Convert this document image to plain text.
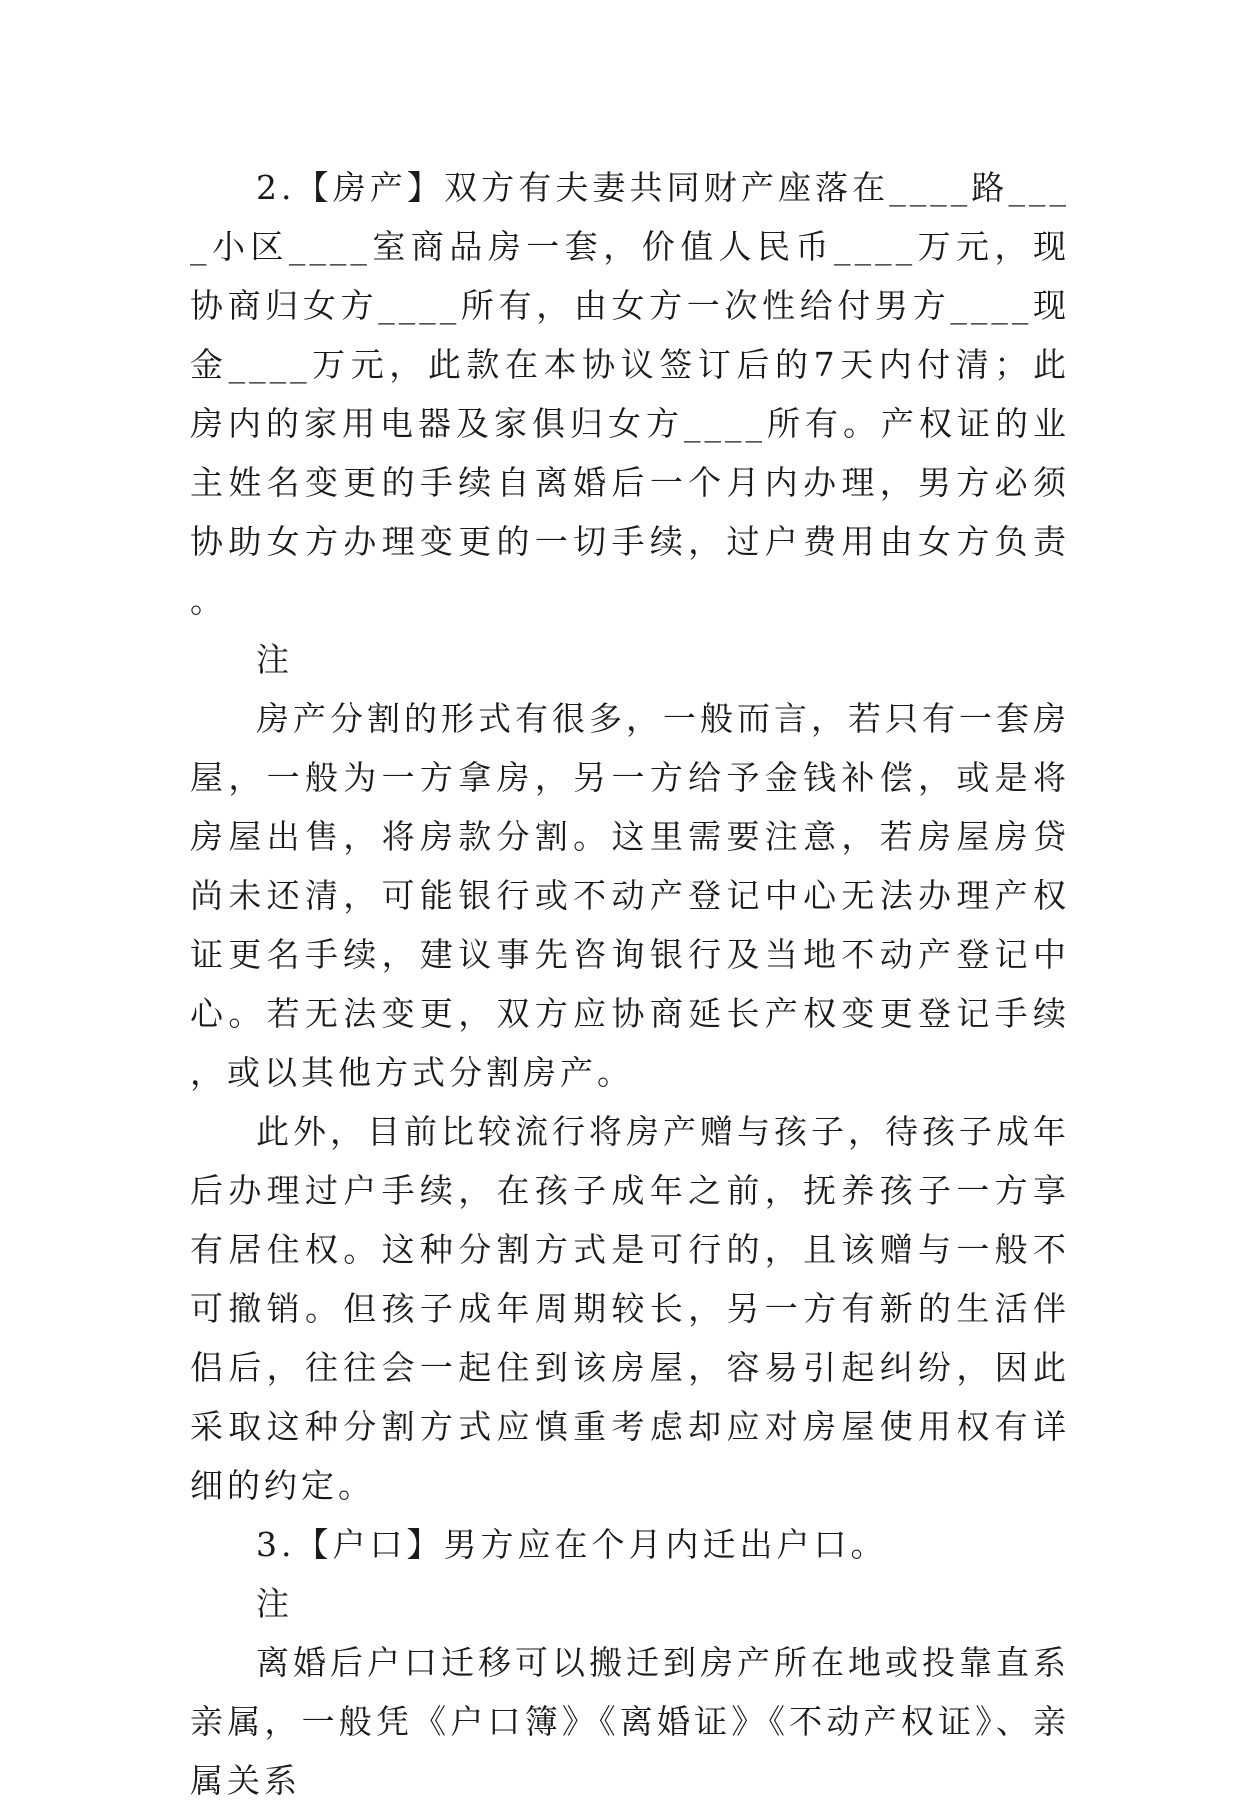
2.【房产】双方有夫妻共同财产座落在____路____小区____室商品房一套，价值人民币____万元，现协商归女方____所有，由女方一次性给付男方____现金____万元，此款在本协议签订后的7天内付清；此房内的家用电器及家俱归女方____所有。产权证的业主姓名变更的手续自离婚后一个月内办理，男方必须协助女方办理变更的一切手续，过户费用由女方负责。

注

房产分割的形式有很多，一般而言，若只有一套房屋，一般为一方拿房，另一方给予金钱补偿，或是将房屋出售，将房款分割。这里需要注意，若房屋房贷尚未还清，可能银行或不动产登记中心无法办理产权证更名手续，建议事先咨询银行及当地不动产登记中心。若无法变更，双方应协商延长产权变更登记手续，或以其他方式分割房产。

此外，目前比较流行将房产赠与孩子，待孩子成年后办理过户手续，在孩子成年之前，抚养孩子一方享有居住权。这种分割方式是可行的，且该赠与一般不可撤销。但孩子成年周期较长，另一方有新的生活伴侣后，往往会一起住到该房屋，容易引起纠纷，因此采取这种分割方式应慎重考虑却应对房屋使用权有详细的约定。

3.【户口】男方应在个月内迁出户口。

注

离婚后户口迁移可以搬迁到房产所在地或投靠直系亲属，一般凭《户口簿》《离婚证》《不动产权证》、亲属关系
